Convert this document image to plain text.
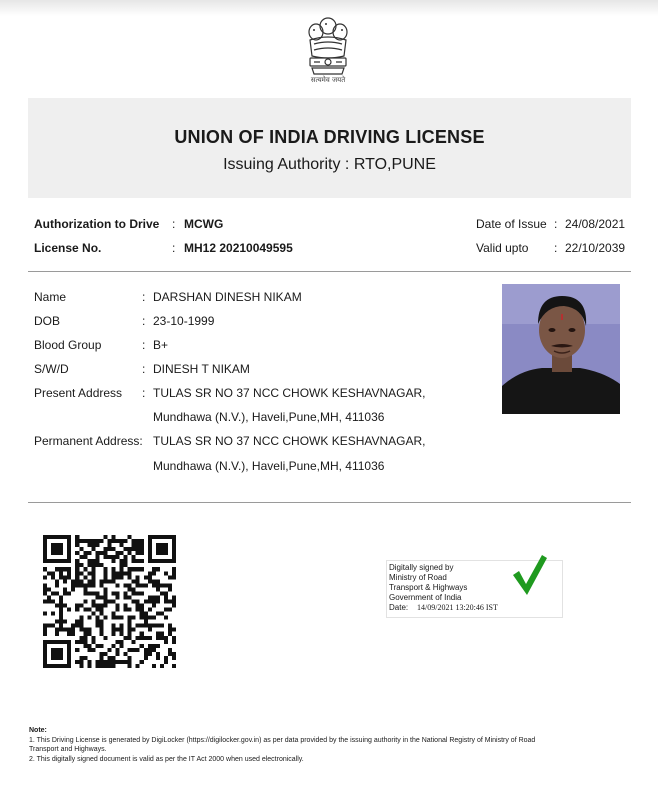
सत्यमेव जयते
UNION OF INDIA DRIVING LICENSE
Issuing Authority : RTO,PUNE
Authorization to Drive : MCWG
License No.	: MH12 20210049595
Date of Issue : 24/08/2021
Valid upto : 22/10/2039
Name	: DARSHAN DINESH NIKAM
DOB	: 23-10-1999
Blood Group	: B+
S/W/D	: DINESH T NIKAM
Present Address : TULAS SR NO 37 NCC CHOWK KESHAVNAGAR,
Mundhawa (N.V.), Haveli,Pune,MH, 411036
Permanent Address: TULAS SR NO 37 NCC CHOWK KESHAVNAGAR,
Mundhawa (N.V.), Haveli,Pune,MH, 411036
Digitally signed by
Ministry of Road
Transport & Highways
Government of India
Date: 14/09/2021 13:20:46 IST
Note:
1. This Driving License is generated by DigiLocker (https://digilocker.gov.in) as per data provided by the issuing authority in the National Registry of Ministry of Road
Transport and Highways.
2. This digitally signed document is valid as per the IT Act 2000 when used electronically.
